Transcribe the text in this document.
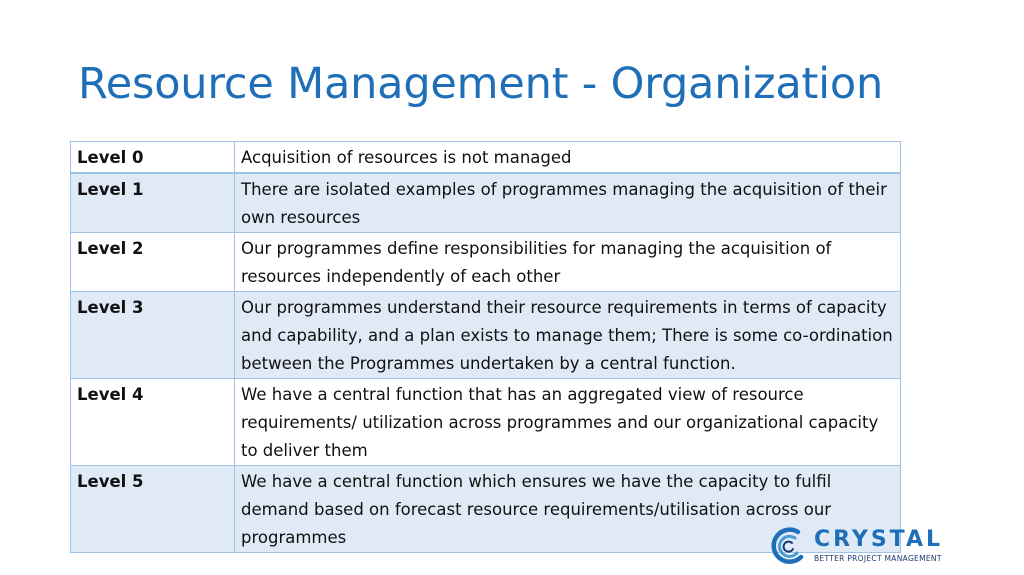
Resource Management - Organization
Level 0	Acquisition of resources is not managed
Level 1	There are isolated examples of programmes managing the acquisition of their own resources
Level 2	Our programmes define responsibilities for managing the acquisition of resources independently of each other
Level 3	Our programmes understand their resource requirements in terms of capacity and capability, and a plan exists to manage them; There is some co-ordination between the Programmes undertaken by a central function.
Level 4	We have a central function that has an aggregated view of resource requirements/ utilization across programmes and our organizational capacity to deliver them
Level 5	We have a central function which ensures we have the capacity to fulfil demand based on forecast resource requirements/utilisation across our programmes	CRYSTAL
BETTER PROJECT MANAGEMENT
